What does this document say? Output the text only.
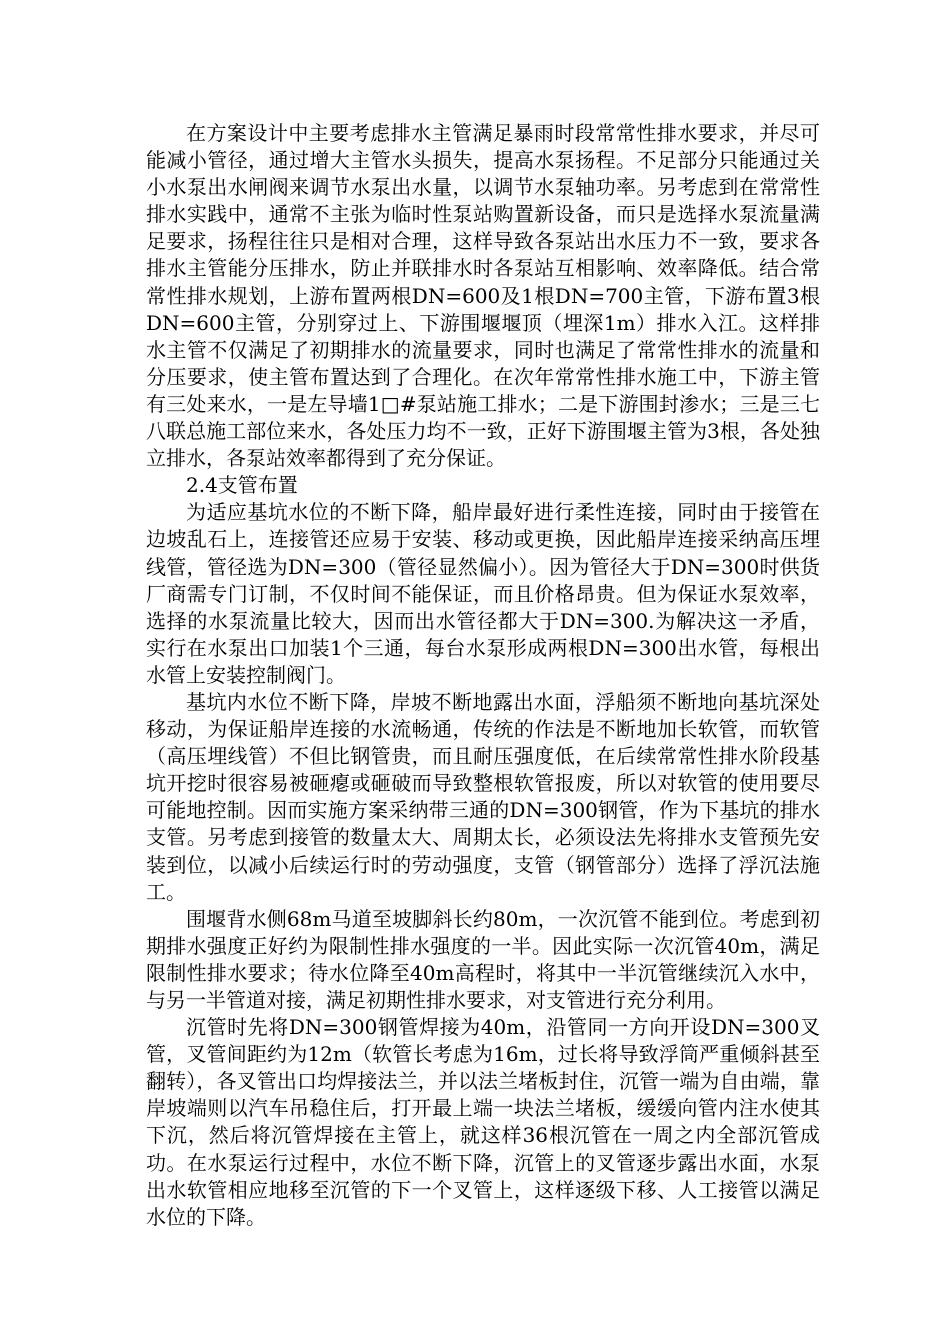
在方案设计中主要考虑排水主管满足暴雨时段常常性排水要求，并尽可能减小管径，通过增大主管水头损失，提高水泵扬程。不足部分只能通过关小水泵出水闸阀来调节水泵出水量，以调节水泵轴功率。另考虑到在常常性排水实践中，通常不主张为临时性泵站购置新设备，而只是选择水泵流量满足要求，扬程往往只是相对合理，这样导致各泵站出水压力不一致，要求各排水主管能分压排水，防止并联排水时各泵站互相影响、效率降低。结合常常性排水规划，上游布置两根DN=600及1根DN=700主管，下游布置3根DN=600主管，分别穿过上、下游围堰堰顶（埋深1m）排水入江。这样排水主管不仅满足了初期排水的流量要求，同时也满足了常常性排水的流量和分压要求，使主管布置达到了合理化。在次年常常性排水施工中，下游主管有三处来水，一是左导墙1□#泵站施工排水；二是下游围封渗水；三是三七八联总施工部位来水，各处压力均不一致，正好下游围堰主管为3根，各处独立排水，各泵站效率都得到了充分保证。

2.4支管布置

为适应基坑水位的不断下降，船岸最好进行柔性连接，同时由于接管在边坡乱石上，连接管还应易于安装、移动或更换，因此船岸连接采纳高压埋线管，管径选为DN=300（管径显然偏小）。因为管径大于DN=300时供货厂商需专门订制，不仅时间不能保证，而且价格昂贵。但为保证水泵效率，选择的水泵流量比较大，因而出水管径都大于DN=300.为解决这一矛盾，实行在水泵出口加装1个三通，每台水泵形成两根DN=300出水管，每根出水管上安装控制阀门。

基坑内水位不断下降，岸坡不断地露出水面，浮船须不断地向基坑深处移动，为保证船岸连接的水流畅通，传统的作法是不断地加长软管，而软管（高压埋线管）不但比钢管贵，而且耐压强度低，在后续常常性排水阶段基坑开挖时很容易被砸瘪或砸破而导致整根软管报废，所以对软管的使用要尽可能地控制。因而实施方案采纳带三通的DN=300钢管，作为下基坑的排水支管。另考虑到接管的数量太大、周期太长，必须设法先将排水支管预先安装到位，以减小后续运行时的劳动强度，支管（钢管部分）选择了浮沉法施工。

围堰背水侧68m马道至坡脚斜长约80m，一次沉管不能到位。考虑到初期排水强度正好约为限制性排水强度的一半。因此实际一次沉管40m，满足限制性排水要求；待水位降至40m高程时，将其中一半沉管继续沉入水中，与另一半管道对接，满足初期性排水要求，对支管进行充分利用。

沉管时先将DN=300钢管焊接为40m，沿管同一方向开设DN=300叉管，叉管间距约为12m（软管长考虑为16m，过长将导致浮筒严重倾斜甚至翻转），各叉管出口均焊接法兰，并以法兰堵板封住，沉管一端为自由端，靠岸坡端则以汽车吊稳住后，打开最上端一块法兰堵板，缓缓向管内注水使其下沉，然后将沉管焊接在主管上，就这样36根沉管在一周之内全部沉管成功。在水泵运行过程中，水位不断下降，沉管上的叉管逐步露出水面，水泵出水软管相应地移至沉管的下一个叉管上，这样逐级下移、人工接管以满足水位的下降。
